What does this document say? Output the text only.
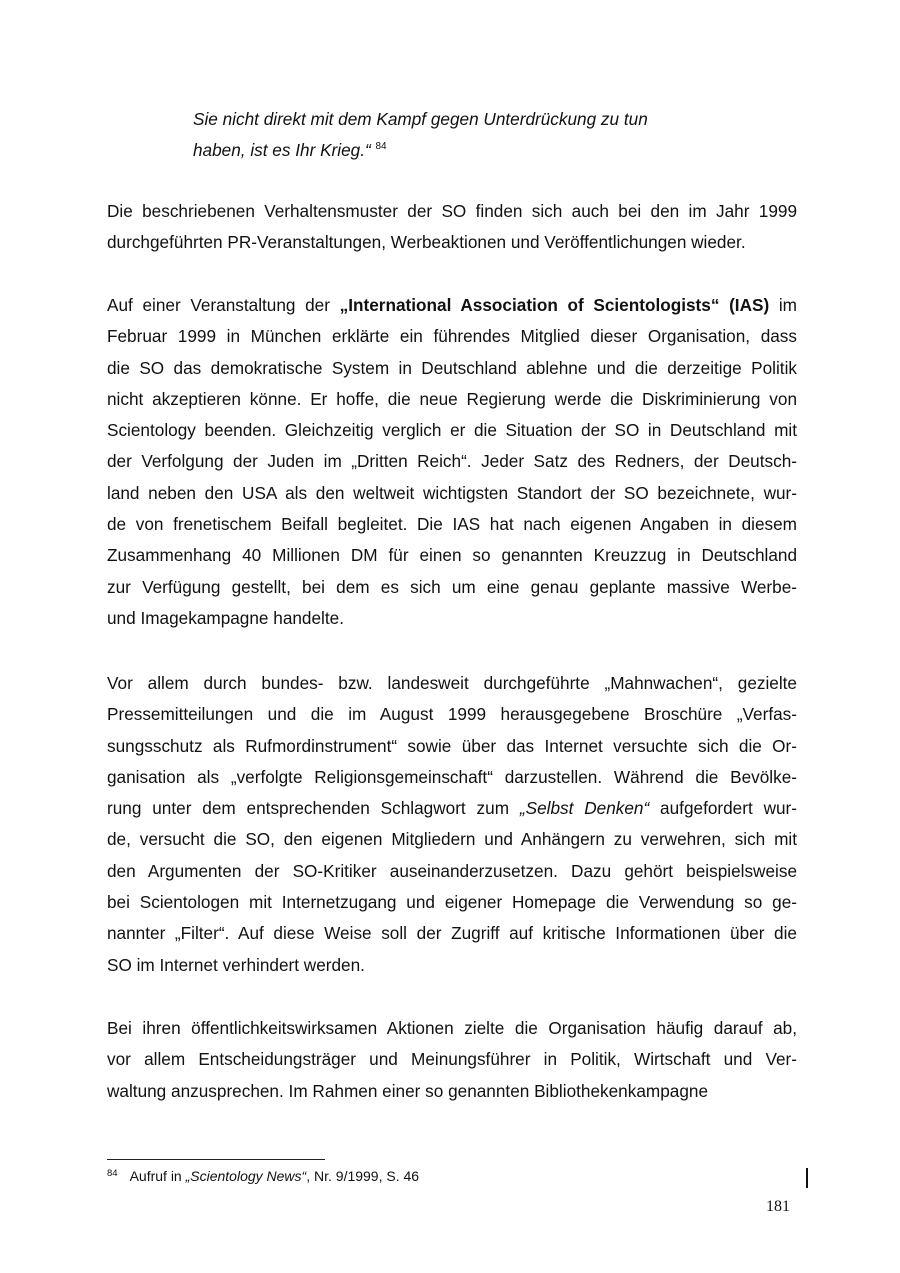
Sie nicht direkt mit dem Kampf gegen Unterdrückung zu tun
haben, ist es Ihr Krieg.“ $^{84}$
Die beschriebenen Verhaltensmuster der SO finden sich auch bei den im Jahr 1999
durchgeführten PR-Veranstaltungen, Werbeaktionen und Veröffentlichungen wieder.
Auf einer Veranstaltung der „International Association of Scientologists“ (IAS) im
Februar 1999 in München erklärte ein führendes Mitglied dieser Organisation, dass
die SO das demokratische System in Deutschland ablehne und die derzeitige Politik
nicht akzeptieren könne. Er hoffe, die neue Regierung werde die Diskriminierung von
Scientology beenden. Gleichzeitig verglich er die Situation der SO in Deutschland mit
der Verfolgung der Juden im „Dritten Reich“. Jeder Satz des Redners, der Deutsch-
land neben den USA als den weltweit wichtigsten Standort der SO bezeichnete, wur-
de von frenetischem Beifall begleitet. Die IAS hat nach eigenen Angaben in diesem
Zusammenhang 40 Millionen DM für einen so genannten Kreuzzug in Deutschland
zur Verfügung gestellt, bei dem es sich um eine genau geplante massive Werbe-
und Imagekampagne handelte.
Vor allem durch bundes- bzw. landesweit durchgeführte „Mahnwachen“, gezielte
Pressemitteilungen und die im August 1999 herausgegebene Broschüre „Verfas-
sungsschutz als Rufmordinstrument“ sowie über das Internet versuchte sich die Or-
ganisation als „verfolgte Religionsgemeinschaft“ darzustellen. Während die Bevölke-
rung unter dem entsprechenden Schlagwort zum „Selbst Denken“ aufgefordert wur-
de, versucht die SO, den eigenen Mitgliedern und Anhängern zu verwehren, sich mit
den Argumenten der SO-Kritiker auseinanderzusetzen. Dazu gehört beispielsweise
bei Scientologen mit Internetzugang und eigener Homepage die Verwendung so ge-
nannter „Filter“. Auf diese Weise soll der Zugriff auf kritische Informationen über die
SO im Internet verhindert werden.
Bei ihren öffentlichkeitswirksamen Aktionen zielte die Organisation häufig darauf ab,
vor allem Entscheidungsträger und Meinungsführer in Politik, Wirtschaft und Ver-
waltung anzusprechen. Im Rahmen einer so genannten Bibliothekenkampagne
$^{84}$ Aufruf in „Scientology News“, Nr. 9/1999, S. 46
181
